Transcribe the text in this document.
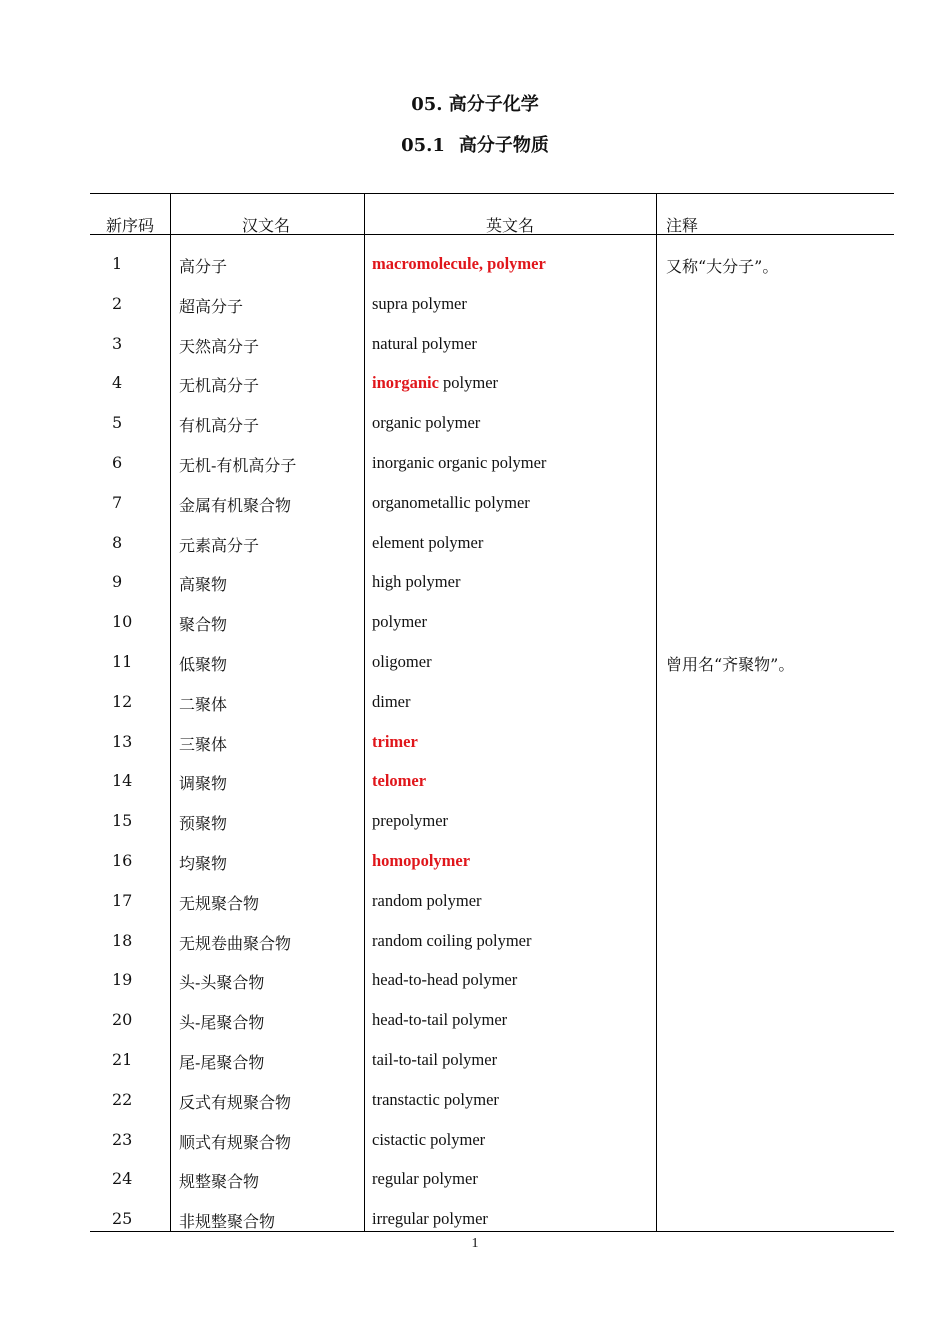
05. 高分子化学
05.1 高分子物质
新序码	汉文名	英文名	注释
1	高分子	macromolecule, polymer	又称“大分子”。
2	超高分子	supra polymer
3	天然高分子	natural polymer
4	无机高分子	inorganic polymer
5	有机高分子	organic polymer
6	无机-有机高分子	inorganic organic polymer
7	金属有机聚合物	organometallic polymer
8	元素高分子	element polymer
9	高聚物	high polymer
10	聚合物	polymer
11	低聚物	oligomer	曾用名“齐聚物”。
12	二聚体	dimer
13	三聚体	trimer
14	调聚物	telomer
15	预聚物	prepolymer
16	均聚物	homopolymer
17	无规聚合物	random polymer
18	无规卷曲聚合物	random coiling polymer
19	头-头聚合物	head-to-head polymer
20	头-尾聚合物	head-to-tail polymer
21	尾-尾聚合物	tail-to-tail polymer
22	反式有规聚合物	transtactic polymer
23	顺式有规聚合物	cistactic polymer
24	规整聚合物	regular polymer
25	非规整聚合物	irregular polymer
1
